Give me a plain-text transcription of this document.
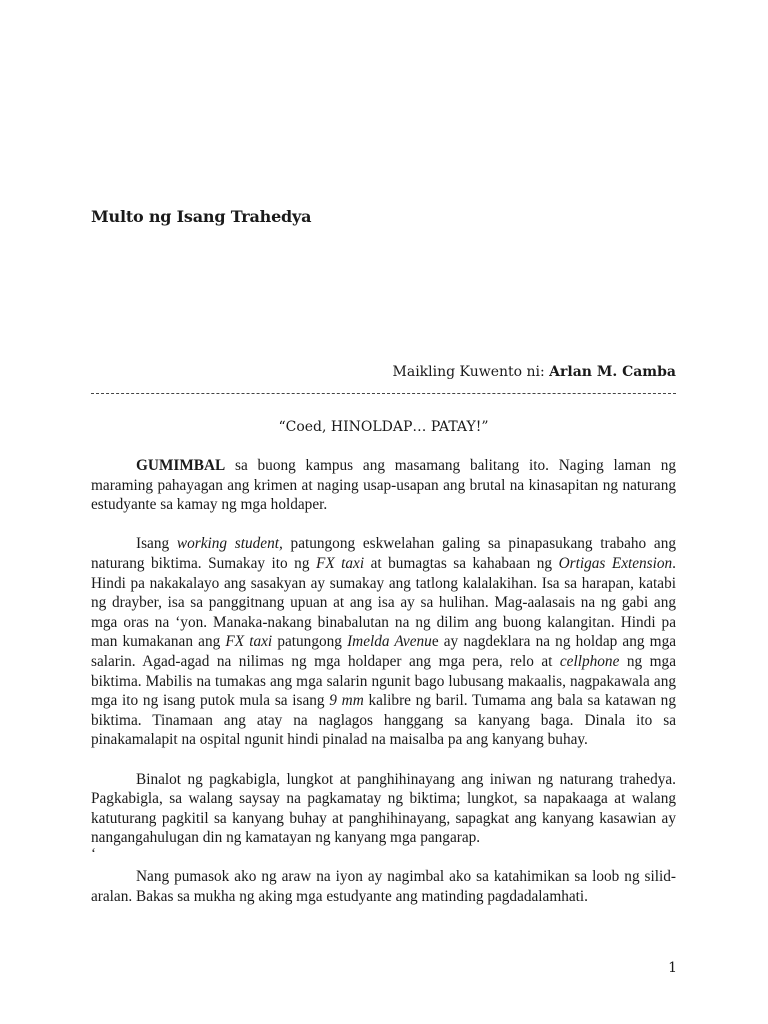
Multo ng Isang Trahedya

Maikling Kuwento ni: Arlan M. Camba

“Coed, HINOLDAP… PATAY!”

GUMIMBAL sa buong kampus ang masamang balitang ito. Naging laman ng maraming pahayagan ang krimen at naging usap-usapan ang brutal na kinasapitan ng naturang estudyante sa kamay ng mga holdaper.

Isang working student, patungong eskwelahan galing sa pinapasukang trabaho ang naturang biktima. Sumakay ito ng FX taxi at bumagtas sa kahabaan ng Ortigas Extension. Hindi pa nakakalayo ang sasakyan ay sumakay ang tatlong kalalakihan. Isa sa harapan, katabi ng drayber, isa sa panggitnang upuan at ang isa ay sa hulihan. Mag-aalasais na ng gabi ang mga oras na ‘yon. Manaka-nakang binabalutan na ng dilim ang buong kalangitan. Hindi pa man kumakanan ang FX taxi patungong Imelda Avenue ay nagdeklara na ng holdap ang mga salarin. Agad-agad na nilimas ng mga holdaper ang mga pera, relo at cellphone ng mga biktima. Mabilis na tumakas ang mga salarin ngunit bago lubusang makaalis, nagpakawala ang mga ito ng isang putok mula sa isang 9 mm kalibre ng baril. Tumama ang bala sa katawan ng biktima. Tinamaan ang atay na naglagos hanggang sa kanyang baga. Dinala ito sa pinakamalapit na ospital ngunit hindi pinalad na maisalba pa ang kanyang buhay.

Binalot ng pagkabigla, lungkot at panghihinayang ang iniwan ng naturang trahedya. Pagkabigla, sa walang saysay na pagkamatay ng biktima; lungkot, sa napakaaga at walang katuturang pagkitil sa kanyang buhay at panghihinayang, sapagkat ang kanyang kasawian ay nangangahulugan din ng kamatayan ng kanyang mga pangarap.

‘

Nang pumasok ako ng araw na iyon ay nagimbal ako sa katahimikan sa loob ng silid-aralan. Bakas sa mukha ng aking mga estudyante ang matinding pagdadalamhati.

1
